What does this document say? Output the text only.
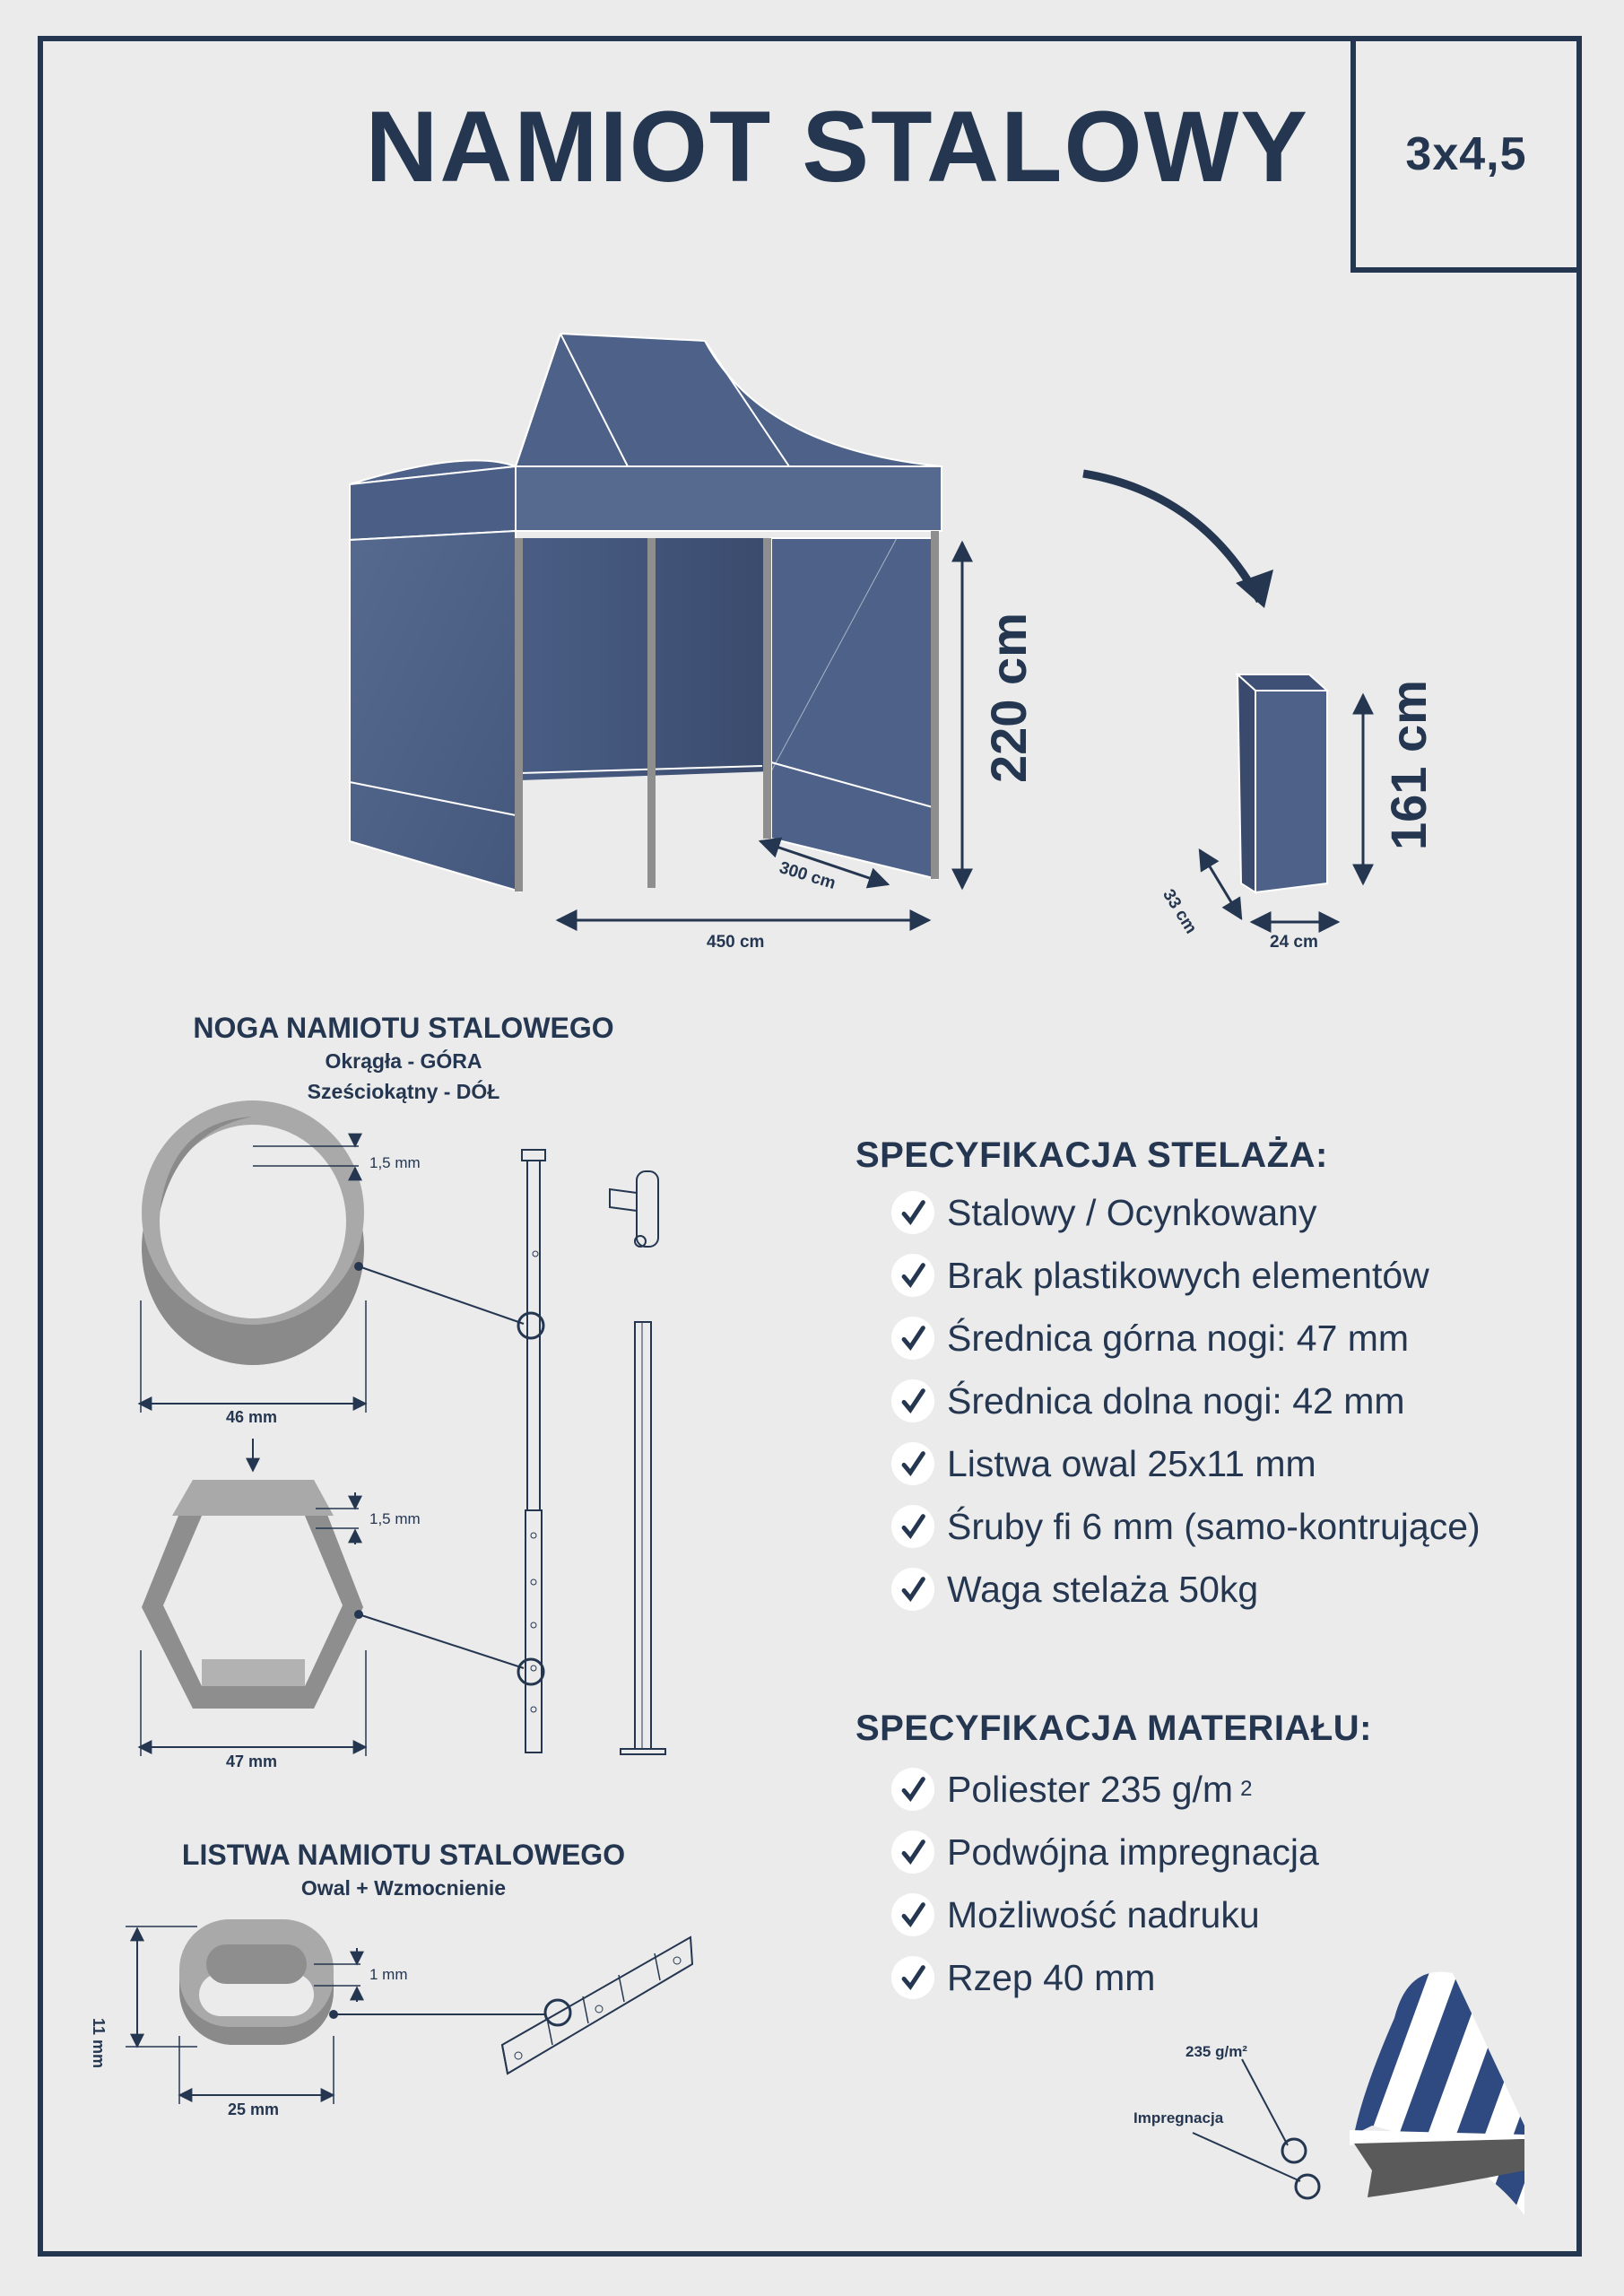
3x4,5
NAMIOT STALOWY
220 cm
300 cm
450 cm
161 cm
33 cm
24 cm
NOGA NAMIOTU STALOWEGO
Okrągła - GÓRA
Sześciokątny - DÓŁ
1,5 mm
46 mm
1,5 mm
47 mm
LISTWA NAMIOTU STALOWEGO
Owal + Wzmocnienie
11 mm
1 mm
25 mm
SPECYFIKACJA STELAŻA:
Stalowy / Ocynkowany
Brak plastikowych elementów
Średnica górna nogi: 47 mm
Średnica dolna nogi: 42 mm
Listwa owal 25x11 mm
Śruby fi 6 mm (samo-kontrujące)
Waga stelaża 50kg
SPECYFIKACJA MATERIAŁU:
Poliester 235 g/m 2
Podwójna impregnacja
Możliwość nadruku
Rzep 40 mm
235 g/m²
Impregnacja
